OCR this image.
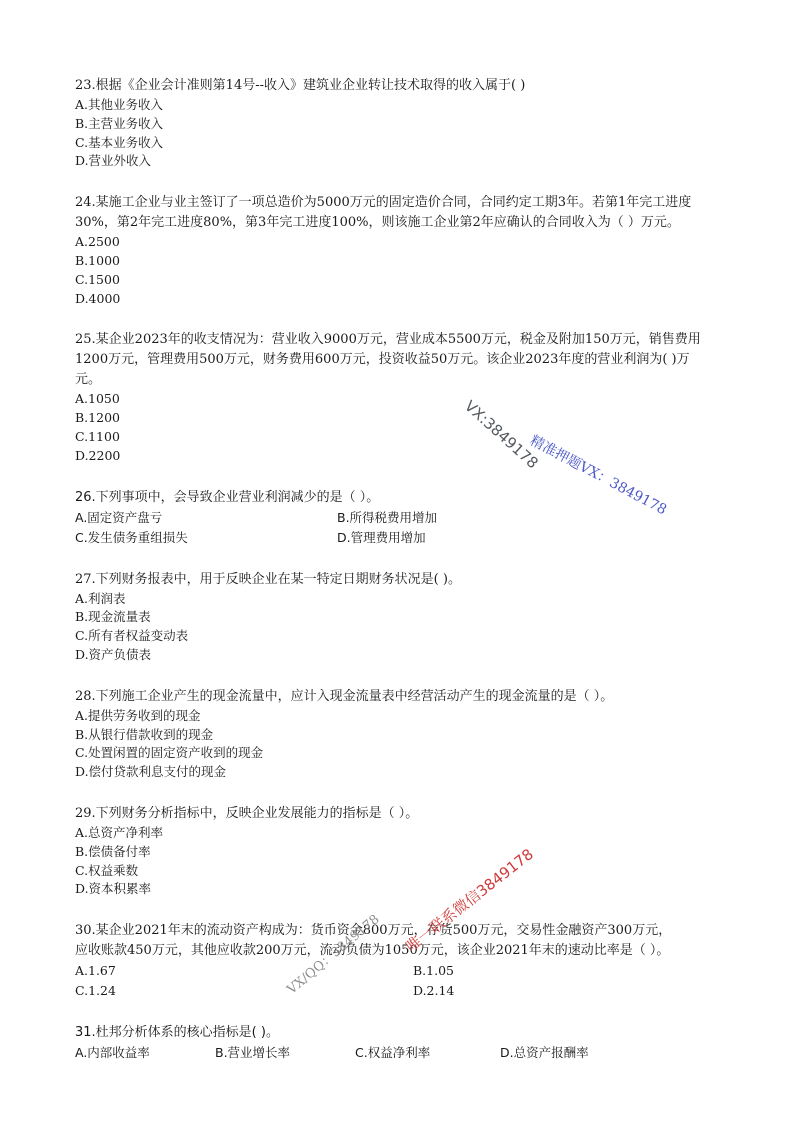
23.根据《企业会计准则第14号--收入》建筑业企业转让技术取得的收入属于( )

A.其他业务收入

B.主营业务收入

C.基本业务收入

D.营业外收入

24.某施工企业与业主签订了一项总造价为5000万元的固定造价合同，合同约定工期3年。若第1年完工进度

30%，第2年完工进度80%，第3年完工进度100%，则该施工企业第2年应确认的合同收入为（ ）万元。

A.2500

B.1000

C.1500

D.4000

25.某企业2023年的收支情况为：营业收入9000万元，营业成本5500万元，税金及附加150万元，销售费用

1200万元，管理费用500万元，财务费用600万元，投资收益50万元。该企业2023年度的营业利润为( )万

元。

A.1050

B.1200

C.1100

D.2200

26.下列事项中，会导致企业营业利润减少的是（ ）。

A.固定资产盘亏	B.所得税费用增加
C.发生债务重组损失	D.管理费用增加

27.下列财务报表中，用于反映企业在某一特定日期财务状况是( )。

A.利润表

B.现金流量表

C.所有者权益变动表

D.资产负债表

28.下列施工企业产生的现金流量中，应计入现金流量表中经营活动产生的现金流量的是（ ）。

A.提供劳务收到的现金

B.从银行借款收到的现金

C.处置闲置的固定资产收到的现金

D.偿付贷款利息支付的现金

29.下列财务分析指标中，反映企业发展能力的指标是（ ）。

A.总资产净利率

B.偿债备付率

C.权益乘数

D.资本积累率

30.某企业2021年末的流动资产构成为：货币资金800万元，存货500万元，交易性金融资产300万元，

应收账款450万元，其他应收款200万元，流动负债为1050万元，该企业2021年末的速动比率是（ ）。

A.1.67	B.1.05
C.1.24	D.2.14

31.杜邦分析体系的核心指标是( )。

A.内部收益率	B.营业增长率	C.权益净利率	D.总资产报酬率
VX:3849178
精准押题VX：3849178
唯一联系微信3849178
VX/QQ：3849178
